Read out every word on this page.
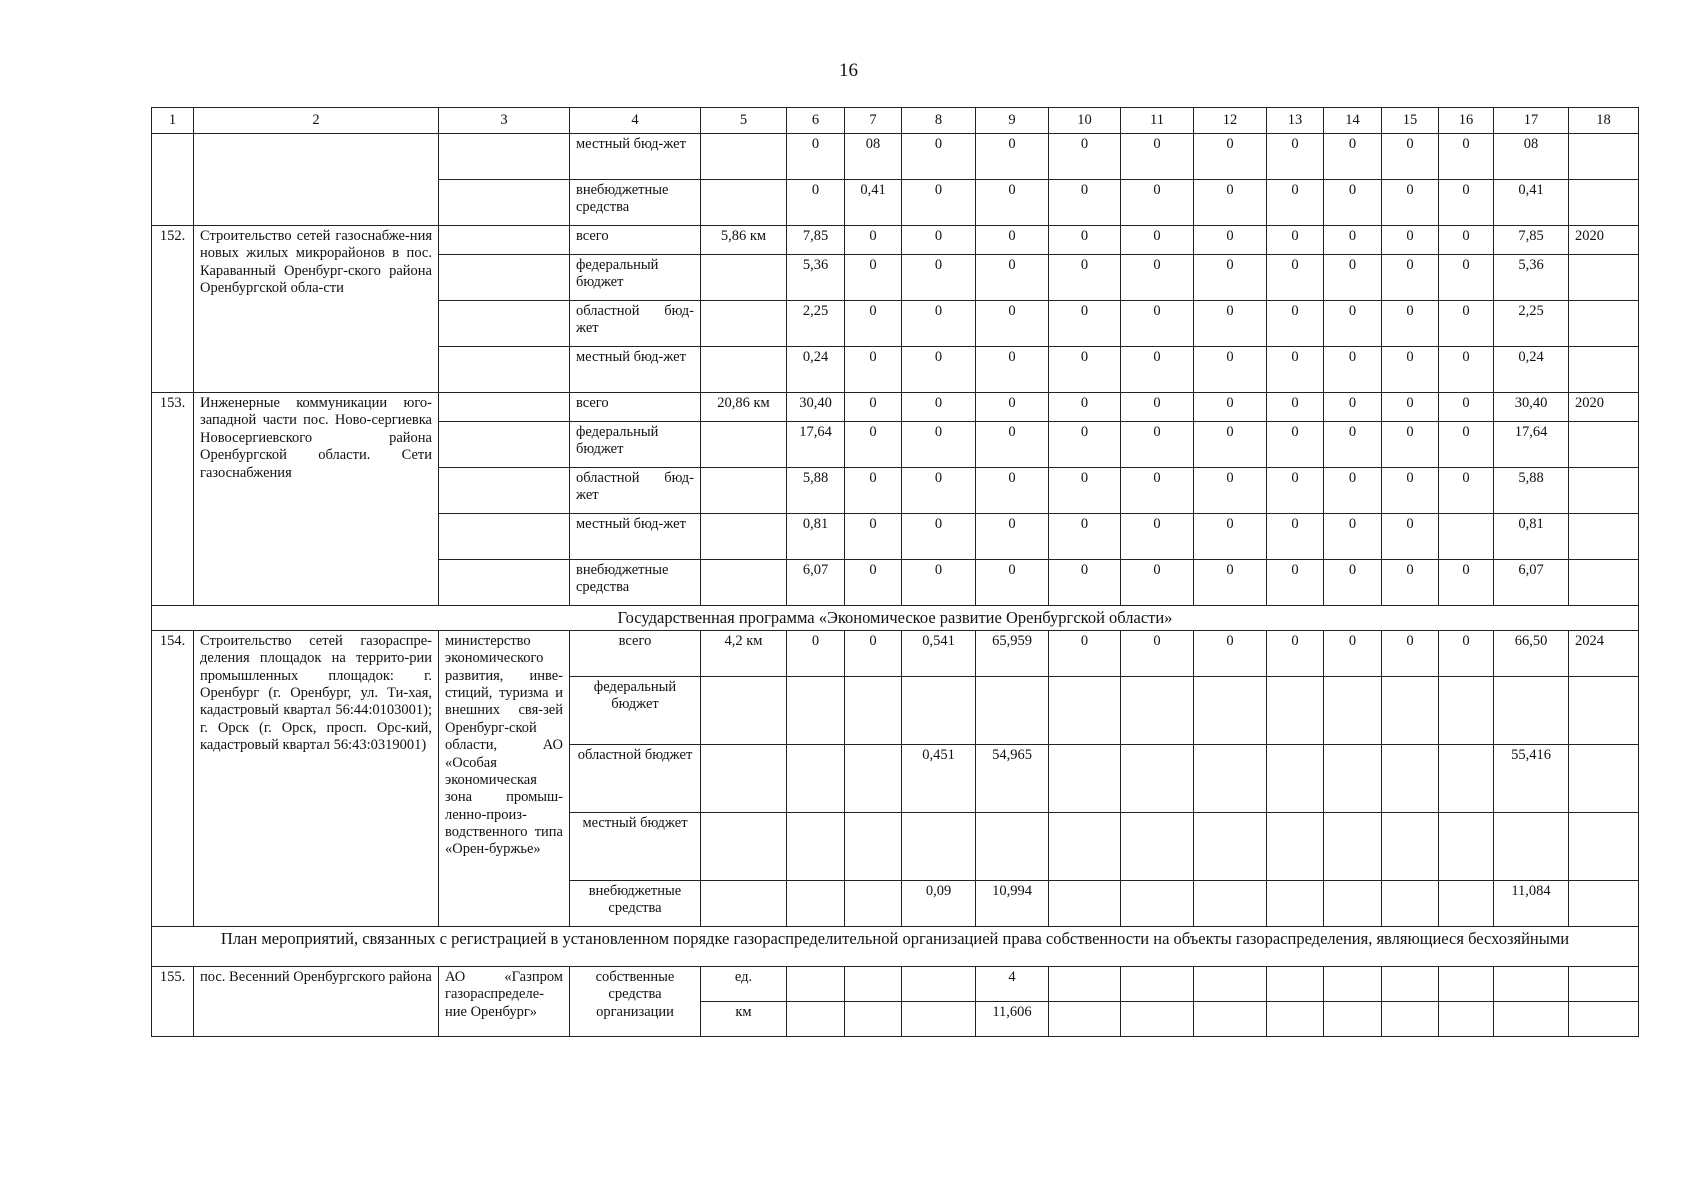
16
1	2	3	4	5	6	7	8	9	10	11	12	13	14	15	16	17	18
			местный бюд-жет		0	08	0	0	0	0	0	0	0	0	0	08	
			внебюджетные средства		0	0,41	0	0	0	0	0	0	0	0	0	0,41	
152.	Строительство сетей газоснабже-ния новых жилых микрорайонов в пос. Караванный Оренбург-ского района Оренбургской обла-сти		всего	5,86 км	7,85	0	0	0	0	0	0	0	0	0	0	7,85	2020
			федеральный бюджет		5,36	0	0	0	0	0	0	0	0	0	0	5,36	
			областной бюд-жет		2,25	0	0	0	0	0	0	0	0	0	0	2,25	
			местный бюд-жет		0,24	0	0	0	0	0	0	0	0	0	0	0,24	
153.	Инженерные коммуникации юго-западной части пос. Ново-сергиевка Новосергиевского района Оренбургской области. Сети газоснабжения		всего	20,86 км	30,40	0	0	0	0	0	0	0	0	0	0	30,40	2020
			федеральный бюджет		17,64	0	0	0	0	0	0	0	0	0	0	17,64	
			областной бюд-жет		5,88	0	0	0	0	0	0	0	0	0	0	5,88	
			местный бюд-жет		0,81	0	0	0	0	0	0	0	0	0		0,81	
			внебюджетные средства		6,07	0	0	0	0	0	0	0	0	0	0	6,07	
Государственная программа «Экономическое развитие Оренбургской области»																	
154.	Строительство сетей газораспре-деления площадок на террито-рии промышленных площадок: г. Оренбург (г. Оренбург, ул. Ти-хая, кадастровый квартал 56:44:0103001); г. Орск (г. Орск, просп. Орс-кий, кадастровый квартал 56:43:0319001)	министерство экономического развития, инве-стиций, туризма и внешних свя-зей Оренбург-ской области, АО «Особая экономическая зона промыш-ленно-произ-водственного типа «Орен-буржье»	всего	4,2 км	0	0	0,541	65,959	0	0	0	0	0	0	0	66,50	2024
			федеральный бюджет														
			областной бюджет				0,451	54,965								55,416	
			местный бюджет														
			внебюджетные средства				0,09	10,994								11,084	
План мероприятий, связанных с регистрацией в установленном порядке газораспределительной организацией права собственности на объекты газораспределения, являющиеся бесхозяйными																	
155.	пос. Весенний Оренбургского района	АО «Газпром газораспределе-ние Оренбург»	собственные средства организации	ед.				4									
				км				11,606									
